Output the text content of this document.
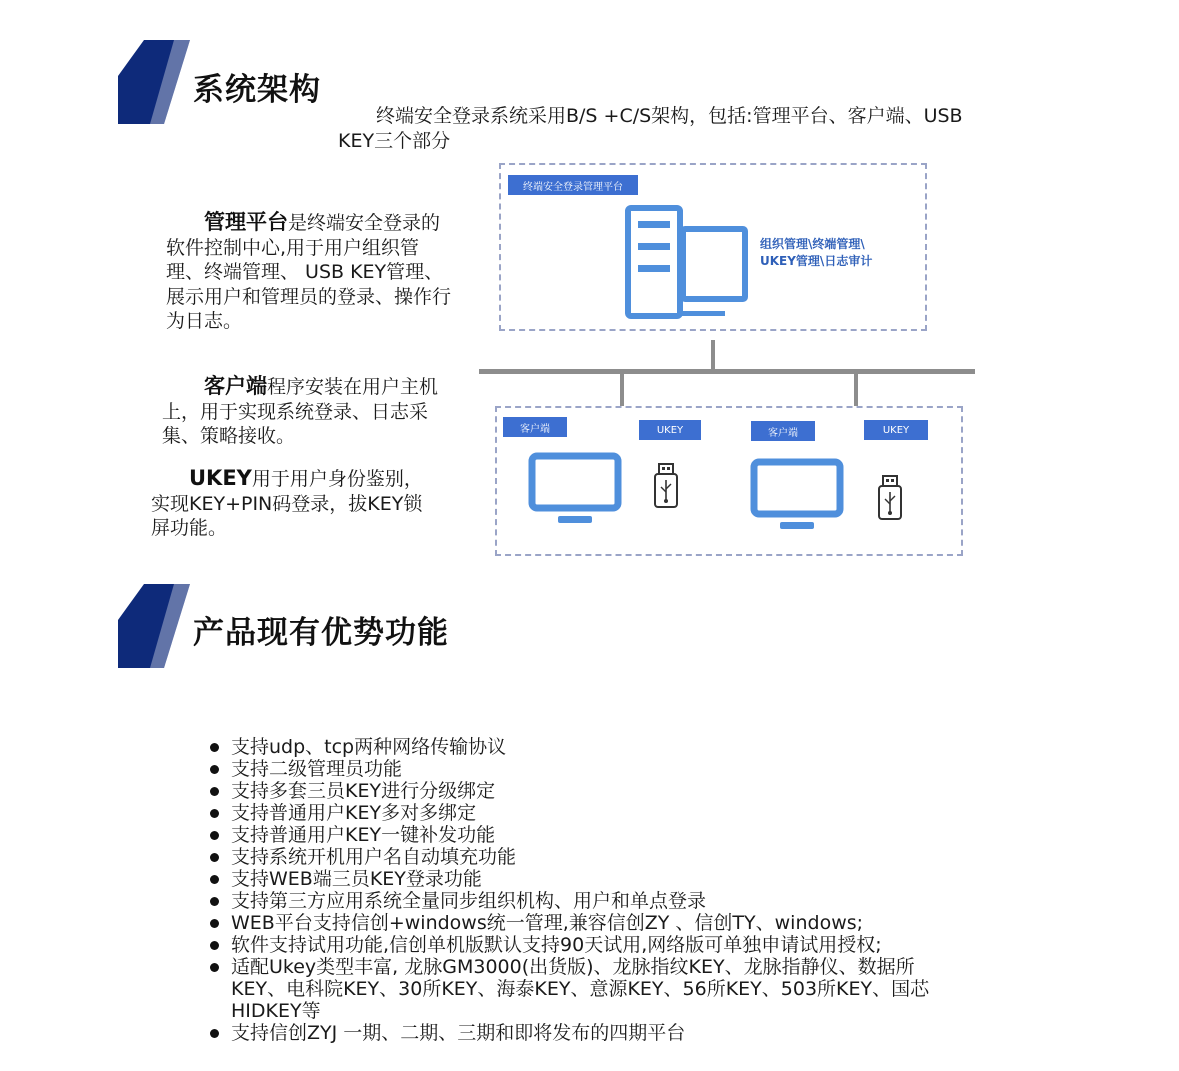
系统架构
终端安全登录系统采用B/S +C/S架构，包括:管理平台、客户端、USB KEY三个部分
管理平台是终端安全登录的软件控制中心,用于用户组织管理、终端管理、 USB KEY管理、展示用户和管理员的登录、操作行为日志。
客户端程序安装在用户主机上，用于实现系统登录、日志采集、策略接收。
UKEY用于用户身份鉴别，实现KEY+PIN码登录，拔KEY锁屏功能。
终端安全登录管理平台
组织管理\终端管理\
UKEY管理\日志审计
客户端	UKEY	客户端	UKEY
产品现有优势功能
支持udp、tcp两种网络传输协议
支持二级管理员功能
支持多套三员KEY进行分级绑定
支持普通用户KEY多对多绑定
支持普通用户KEY一键补发功能
支持系统开机用户名自动填充功能
支持WEB端三员KEY登录功能
支持第三方应用系统全量同步组织机构、用户和单点登录
WEB平台支持信创+windows统一管理,兼容信创ZY 、信创TY、windows;
软件支持试用功能,信创单机版默认支持90天试用,网络版可单独申请试用授权;
适配Ukey类型丰富, 龙脉GM3000(出货版)、龙脉指纹KEY、龙脉指静仪、数据所KEY、电科院KEY、30所KEY、海泰KEY、意源KEY、56所KEY、503所KEY、国芯HIDKEY等
支持信创ZYJ 一期、二期、三期和即将发布的四期平台
